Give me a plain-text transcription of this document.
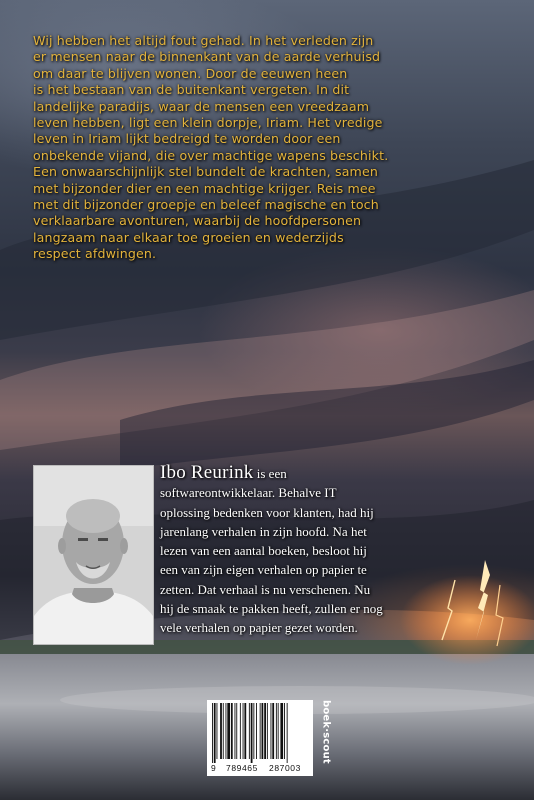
Wij hebben het altijd fout gehad. In het verleden zijn
er mensen naar de binnenkant van de aarde verhuisd
om daar te blijven wonen. Door de eeuwen heen
is het bestaan van de buitenkant vergeten. In dit
landelijke paradijs, waar de mensen een vreedzaam
leven hebben, ligt een klein dorpje, Iriam. Het vredige
leven in Iriam lijkt bedreigd te worden door een
onbekende vijand, die over machtige wapens beschikt.
Een onwaarschijnlijk stel bundelt de krachten, samen
met bijzonder dier en een machtige krijger. Reis mee
met dit bijzonder groepje en beleef magische en toch
verklaarbare avonturen, waarbij de hoofdpersonen
langzaam naar elkaar toe groeien en wederzijds
respect afdwingen.

Ibo Reurink is een
softwareontwikkelaar. Behalve IT
oplossing bedenken voor klanten, had hij
jarenlang verhalen in zijn hoofd. Na het
lezen van een aantal boeken, besloot hij
een van zijn eigen verhalen op papier te
zetten. Dat verhaal is nu verschenen. Nu
hij de smaak te pakken heeft, zullen er nog
vele verhalen op papier gezet worden.

9 789465 287003
boek·scout
